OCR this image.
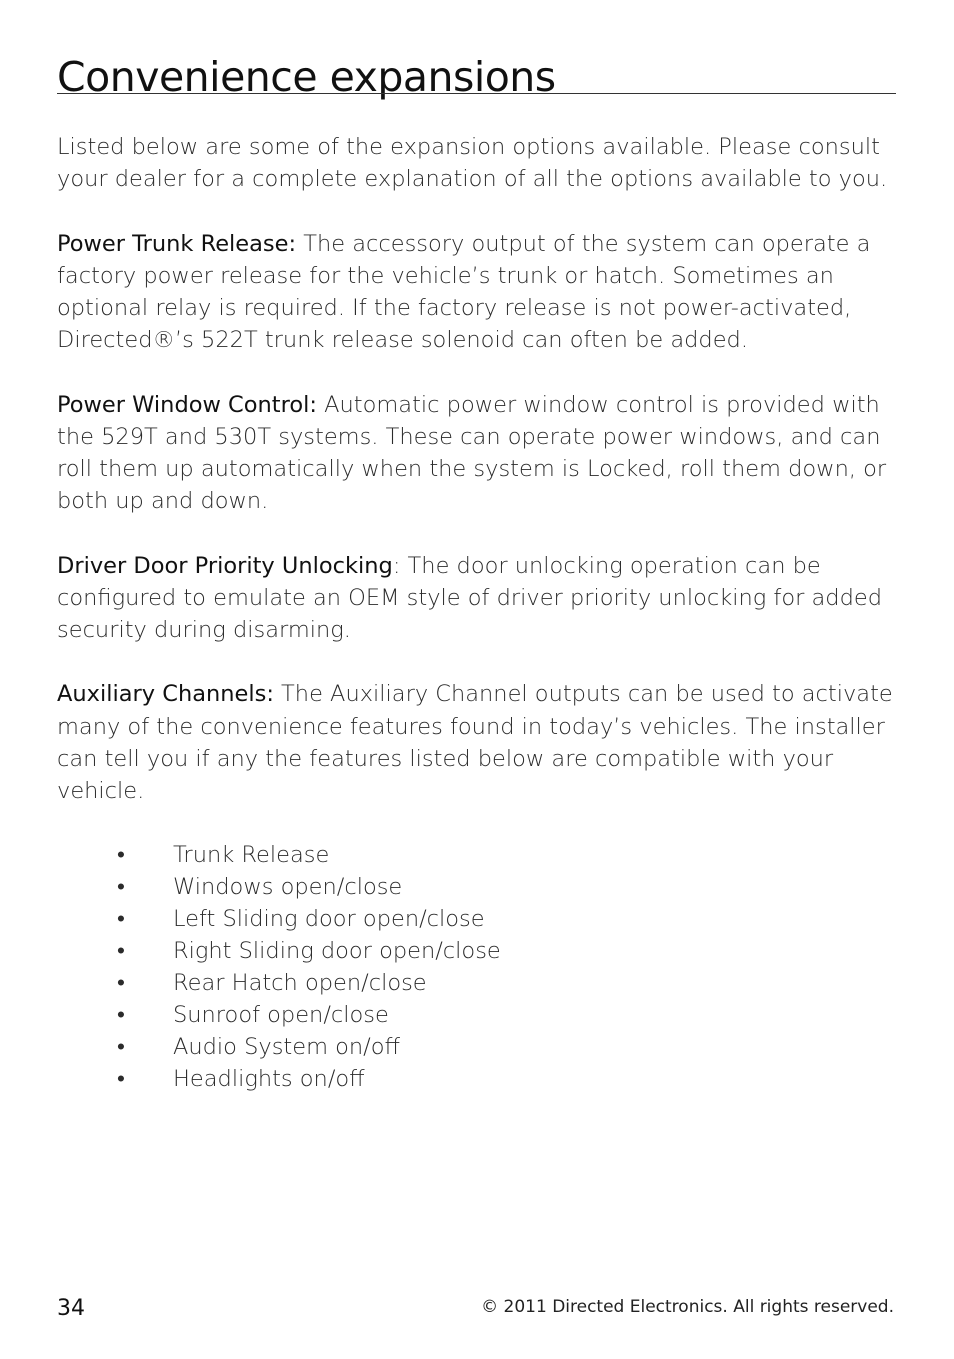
Convenience expansions

Listed below are some of the expansion options available. Please consult your dealer for a complete explanation of all the options available to you.

Power Trunk Release: The accessory output of the system can operate a factory power release for the vehicle’s trunk or hatch. Sometimes an optional relay is required. If the factory release is not power-activated, Directed®’s 522T trunk release solenoid can often be added.

Power Window Control: Automatic power window control is provided with the 529T and 530T systems. These can operate power windows, and can roll them up automatically when the system is Locked, roll them down, or both up and down.

Driver Door Priority Unlocking: The door unlocking operation can be configured to emulate an OEM style of driver priority unlocking for added security during disarming.

Auxiliary Channels: The Auxiliary Channel outputs can be used to activate many of the convenience features found in today’s vehicles. The installer can tell you if any the features listed below are compatible with your vehicle.

• Trunk Release
• Windows open/close
• Left Sliding door open/close
• Right Sliding door open/close
• Rear Hatch open/close
• Sunroof open/close
• Audio System on/off
• Headlights on/off
34	© 2011 Directed Electronics. All rights reserved.
